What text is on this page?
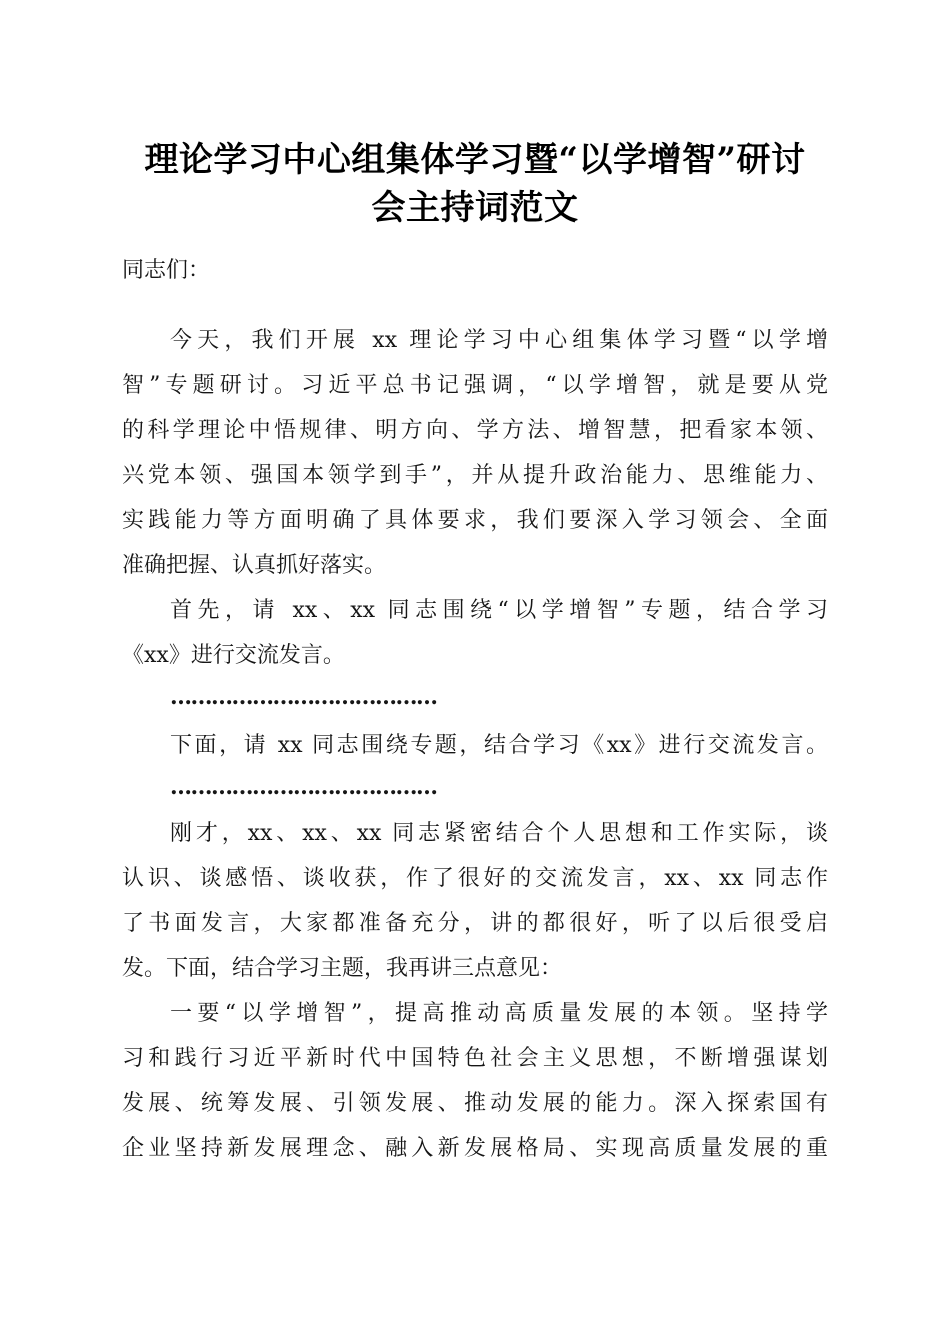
理论学习中心组集体学习暨“以学增智”研讨
会主持词范文
同志们：
今天，我们开展 xx 理论学习中心组集体学习暨“以学增
智”专题研讨。习近平总书记强调，“以学增智，就是要从党
的科学理论中悟规律、明方向、学方法、增智慧，把看家本领、
兴党本领、强国本领学到手”，并从提升政治能力、思维能力、
实践能力等方面明确了具体要求，我们要深入学习领会、全面
准确把握、认真抓好落实。
首先，请 xx、xx 同志围绕“以学增智”专题，结合学习
《xx》进行交流发言。
…………………………………
下面，请 xx 同志围绕专题，结合学习《xx》进行交流发言。
…………………………………
刚才，xx、xx、xx 同志紧密结合个人思想和工作实际，谈
认识、谈感悟、谈收获，作了很好的交流发言，xx、xx 同志作
了书面发言，大家都准备充分，讲的都很好，听了以后很受启
发。下面，结合学习主题，我再讲三点意见：
一要“以学增智”，提高推动高质量发展的本领。坚持学
习和践行习近平新时代中国特色社会主义思想，不断增强谋划
发展、统筹发展、引领发展、推动发展的能力。深入探索国有
企业坚持新发展理念、融入新发展格局、实现高质量发展的重
